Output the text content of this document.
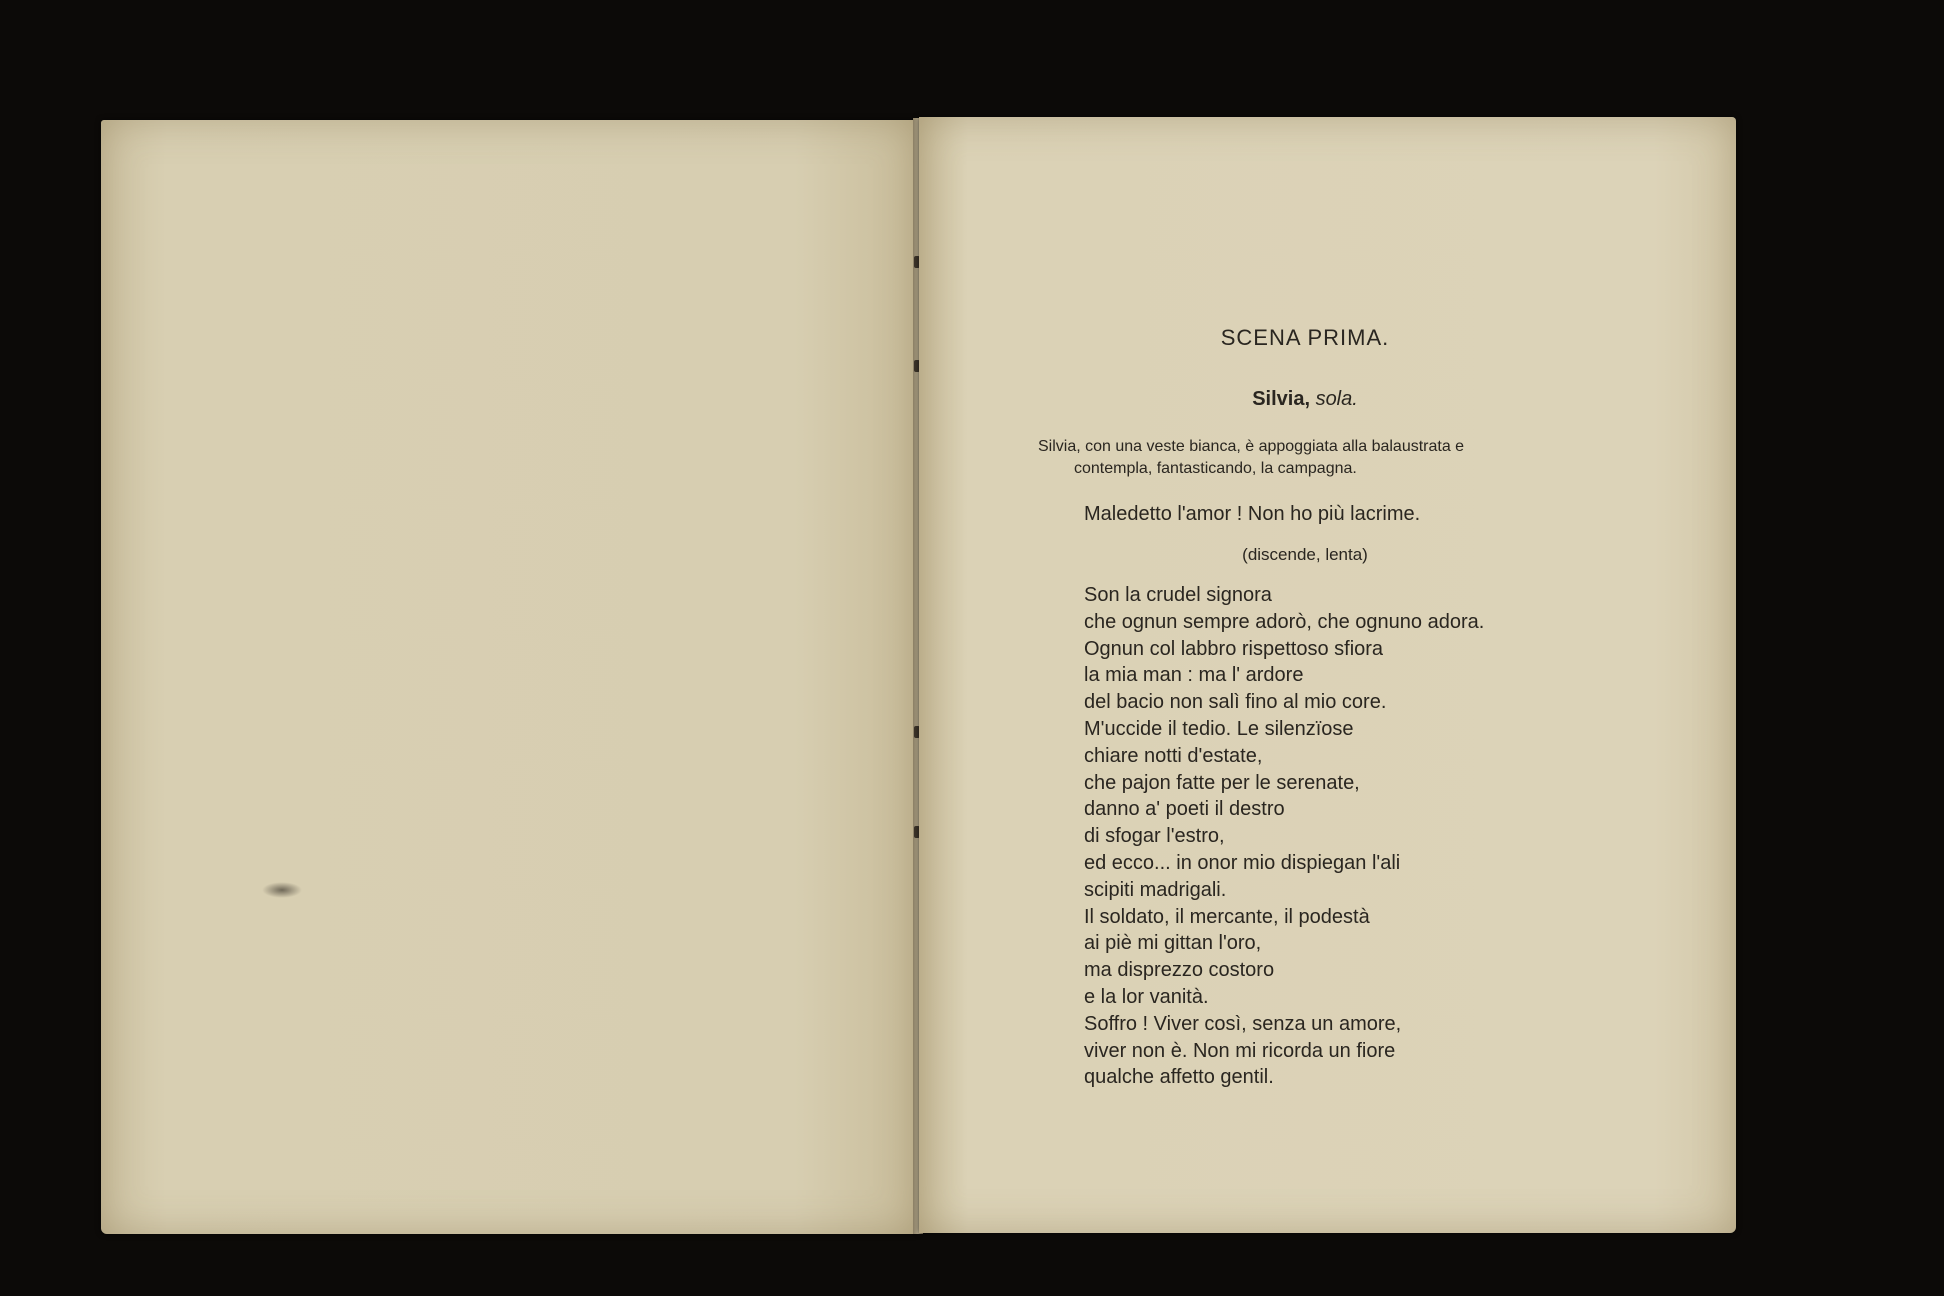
SCENA PRIMA.

Silvia, sola.

Silvia, con una veste bianca, è appoggiata alla balaustrata e
contempla, fantasticando, la campagna.

Maledetto l'amor ! Non ho più lacrime.

(discende, lenta)

Son la crudel signora
che ognun sempre adorò, che ognuno adora.
Ognun col labbro rispettoso sfiora
la mia man : ma l' ardore
del bacio non salì fino al mio core.
M'uccide il tedio. Le silenzïose
chiare notti d'estate,
che pajon fatte per le serenate,
danno a' poeti il destro
di sfogar l'estro,
ed ecco... in onor mio dispiegan l'ali
scipiti madrigali.
Il soldato, il mercante, il podestà
ai piè mi gittan l'oro,
ma disprezzo costoro
e la lor vanità.
Soffro ! Viver così, senza un amore,
viver non è. Non mi ricorda un fiore
qualche affetto gentil.
